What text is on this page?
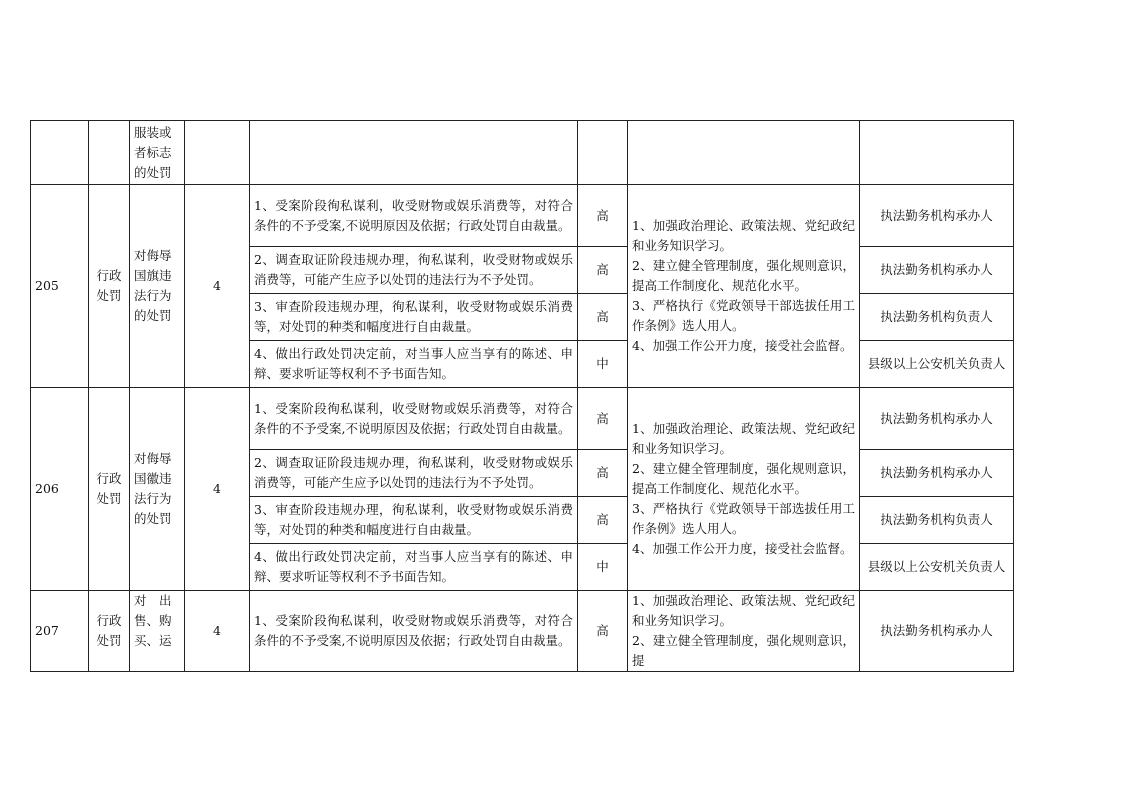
		服装或
者标志
的处罚					

205	行政
处罚	对侮辱
国旗违
法行为
的处罚	4	1、受案阶段徇私谋利，收受财物或娱乐消费等，对符合条件的不予受案,不说明原因及依据；行政处罚自由裁量。	高	1、加强政治理论、政策法规、党纪政纪和业务知识学习。
2、建立健全管理制度，强化规则意识，提高工作制度化、规范化水平。
3、严格执行《党政领导干部选拔任用工作条例》选人用人。
4、加强工作公开力度，接受社会监督。	执法勤务机构承办人
				2、调查取证阶段违规办理，徇私谋利，收受财物或娱乐消费等，可能产生应予以处罚的违法行为不予处罚。	高		执法勤务机构承办人
				3、审查阶段违规办理，徇私谋利，收受财物或娱乐消费等，对处罚的种类和幅度进行自由裁量。	高		执法勤务机构负责人
				4、做出行政处罚决定前，对当事人应当享有的陈述、申辩、要求听证等权利不予书面告知。	中		县级以上公安机关负责人
206	行政
处罚	对侮辱
国徽违
法行为
的处罚	4	1、受案阶段徇私谋利，收受财物或娱乐消费等，对符合条件的不予受案,不说明原因及依据；行政处罚自由裁量。	高	1、加强政治理论、政策法规、党纪政纪和业务知识学习。
2、建立健全管理制度，强化规则意识，提高工作制度化、规范化水平。
3、严格执行《党政领导干部选拔任用工作条例》选人用人。
4、加强工作公开力度，接受社会监督。	执法勤务机构承办人
				2、调查取证阶段违规办理，徇私谋利，收受财物或娱乐消费等，可能产生应予以处罚的违法行为不予处罚。	高		执法勤务机构承办人
				3、审查阶段违规办理，徇私谋利，收受财物或娱乐消费等，对处罚的种类和幅度进行自由裁量。	高		执法勤务机构负责人
				4、做出行政处罚决定前，对当事人应当享有的陈述、申辩、要求听证等权利不予书面告知。	中		县级以上公安机关负责人
207	行政
处罚	对　出
售、购
买、运	4	1、受案阶段徇私谋利，收受财物或娱乐消费等，对符合条件的不予受案,不说明原因及依据；行政处罚自由裁量。	高	1、加强政治理论、政策法规、党纪政纪和业务知识学习。
2、建立健全管理制度，强化规则意识，提	执法勤务机构承办人
